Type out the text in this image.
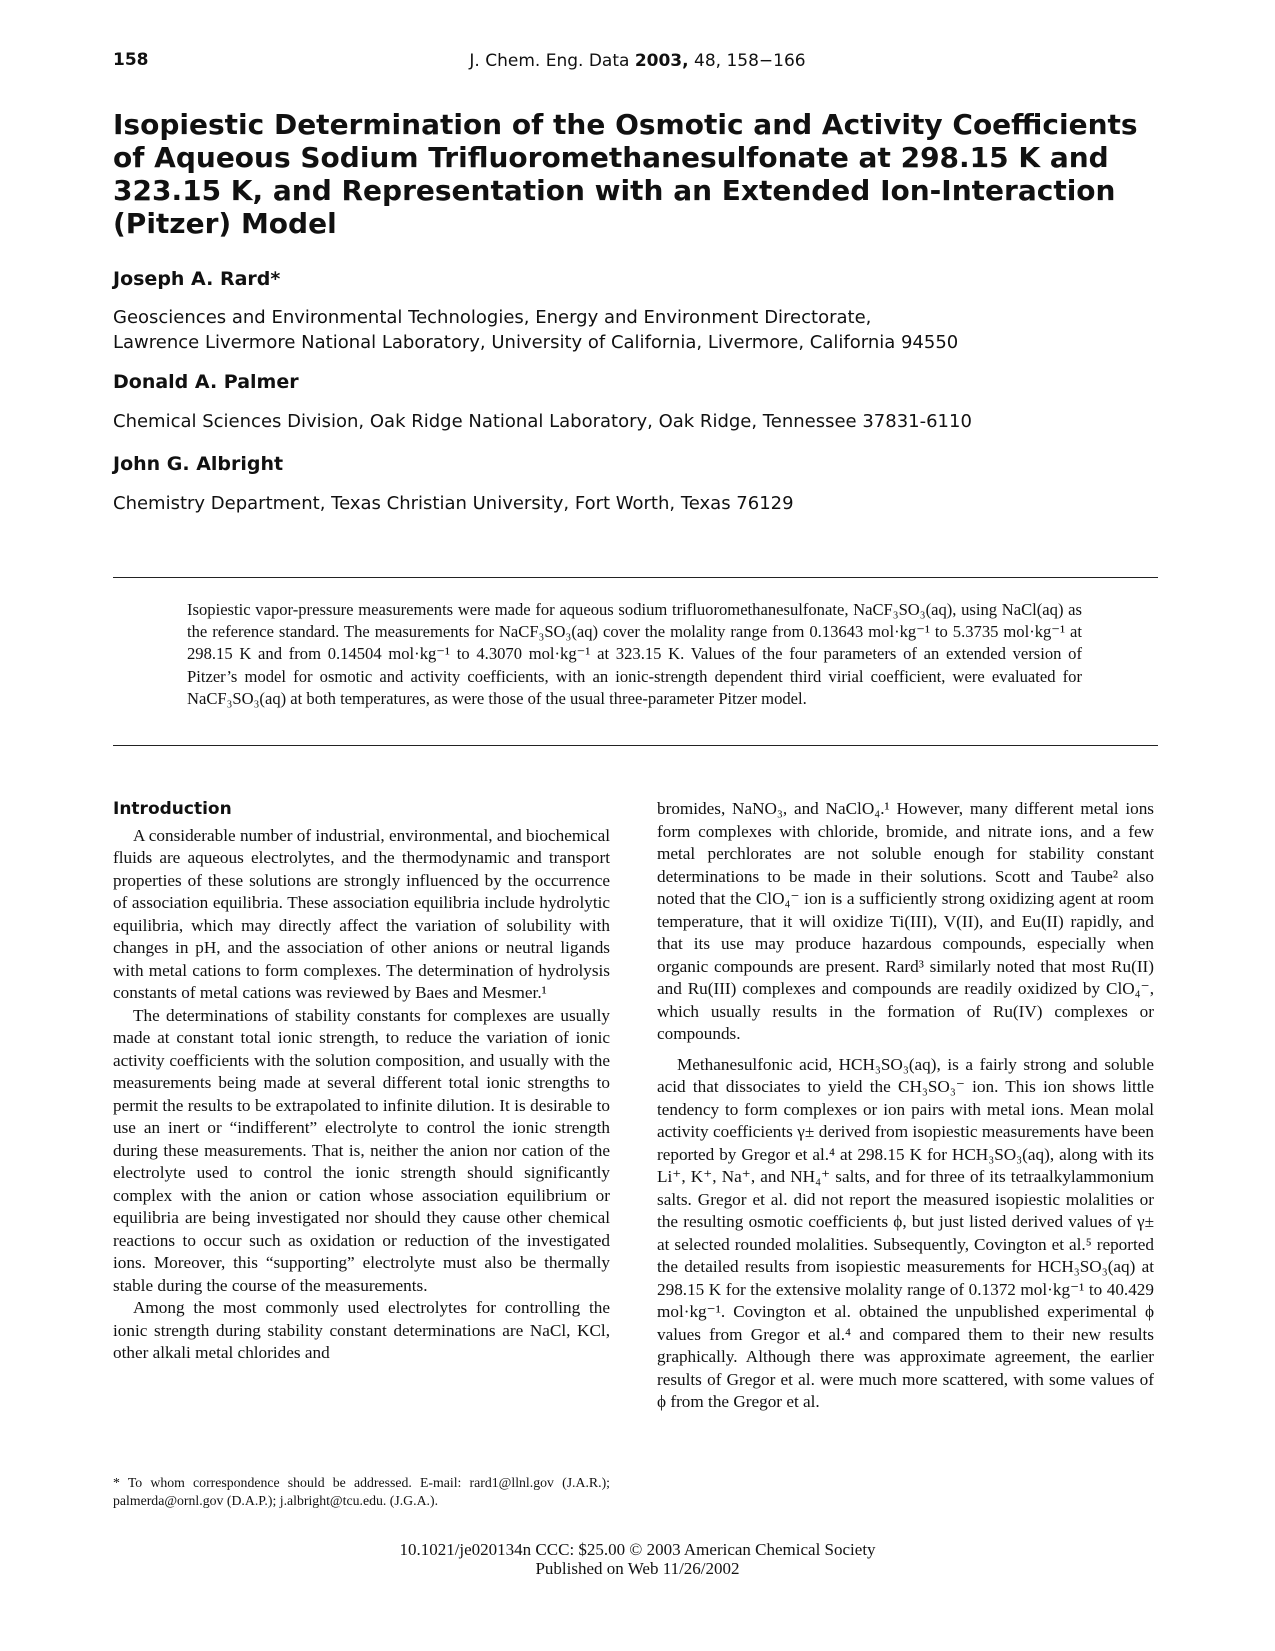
158	J. Chem. Eng. Data 2003, 48, 158−166
Isopiestic Determination of the Osmotic and Activity Coefficients of Aqueous Sodium Trifluoromethanesulfonate at 298.15 K and 323.15 K, and Representation with an Extended Ion-Interaction (Pitzer) Model

Joseph A. Rard*

Geosciences and Environmental Technologies, Energy and Environment Directorate,
Lawrence Livermore National Laboratory, University of California, Livermore, California 94550

Donald A. Palmer

Chemical Sciences Division, Oak Ridge National Laboratory, Oak Ridge, Tennessee 37831-6110

John G. Albright

Chemistry Department, Texas Christian University, Fort Worth, Texas 76129

Isopiestic vapor-pressure measurements were made for aqueous sodium trifluoromethanesulfonate, NaCF₃SO₃(aq), using NaCl(aq) as the reference standard. The measurements for NaCF₃SO₃(aq) cover the molality range from 0.13643 mol·kg⁻¹ to 5.3735 mol·kg⁻¹ at 298.15 K and from 0.14504 mol·kg⁻¹ to 4.3070 mol·kg⁻¹ at 323.15 K. Values of the four parameters of an extended version of Pitzer’s model for osmotic and activity coefficients, with an ionic-strength dependent third virial coefficient, were evaluated for NaCF₃SO₃(aq) at both temperatures, as were those of the usual three-parameter Pitzer model.

Introduction

A considerable number of industrial, environmental, and biochemical fluids are aqueous electrolytes, and the thermodynamic and transport properties of these solutions are strongly influenced by the occurrence of association equilibria. These association equilibria include hydrolytic equilibria, which may directly affect the variation of solubility with changes in pH, and the association of other anions or neutral ligands with metal cations to form complexes. The determination of hydrolysis constants of metal cations was reviewed by Baes and Mesmer.¹

The determinations of stability constants for complexes are usually made at constant total ionic strength, to reduce the variation of ionic activity coefficients with the solution composition, and usually with the measurements being made at several different total ionic strengths to permit the results to be extrapolated to infinite dilution. It is desirable to use an inert or “indifferent” electrolyte to control the ionic strength during these measurements. That is, neither the anion nor cation of the electrolyte used to control the ionic strength should significantly complex with the anion or cation whose association equilibrium or equilibria are being investigated nor should they cause other chemical reactions to occur such as oxidation or reduction of the investigated ions. Moreover, this “supporting” electrolyte must also be thermally stable during the course of the measurements.

Among the most commonly used electrolytes for controlling the ionic strength during stability constant determinations are NaCl, KCl, other alkali metal chlorides and

bromides, NaNO₃, and NaClO₄.¹ However, many different metal ions form complexes with chloride, bromide, and nitrate ions, and a few metal perchlorates are not soluble enough for stability constant determinations to be made in their solutions. Scott and Taube² also noted that the ClO₄⁻ ion is a sufficiently strong oxidizing agent at room temperature, that it will oxidize Ti(III), V(II), and Eu(II) rapidly, and that its use may produce hazardous compounds, especially when organic compounds are present. Rard³ similarly noted that most Ru(II) and Ru(III) complexes and compounds are readily oxidized by ClO₄⁻, which usually results in the formation of Ru(IV) complexes or compounds.

Methanesulfonic acid, HCH₃SO₃(aq), is a fairly strong and soluble acid that dissociates to yield the CH₃SO₃⁻ ion. This ion shows little tendency to form complexes or ion pairs with metal ions. Mean molal activity coefficients γ± derived from isopiestic measurements have been reported by Gregor et al.⁴ at 298.15 K for HCH₃SO₃(aq), along with its Li⁺, K⁺, Na⁺, and NH₄⁺ salts, and for three of its tetraalkylammonium salts. Gregor et al. did not report the measured isopiestic molalities or the resulting osmotic coefficients ϕ, but just listed derived values of γ± at selected rounded molalities. Subsequently, Covington et al.⁵ reported the detailed results from isopiestic measurements for HCH₃SO₃(aq) at 298.15 K for the extensive molality range of 0.1372 mol·kg⁻¹ to 40.429 mol·kg⁻¹. Covington et al. obtained the unpublished experimental ϕ values from Gregor et al.⁴ and compared them to their new results graphically. Although there was approximate agreement, the earlier results of Gregor et al. were much more scattered, with some values of ϕ from the Gregor et al.

* To whom correspondence should be addressed. E-mail: rard1@llnl.gov (J.A.R.); palmerda@ornl.gov (D.A.P.); j.albright@tcu.edu. (J.G.A.).

10.1021/je020134n CCC: $25.00 © 2003 American Chemical Society
Published on Web 11/26/2002
